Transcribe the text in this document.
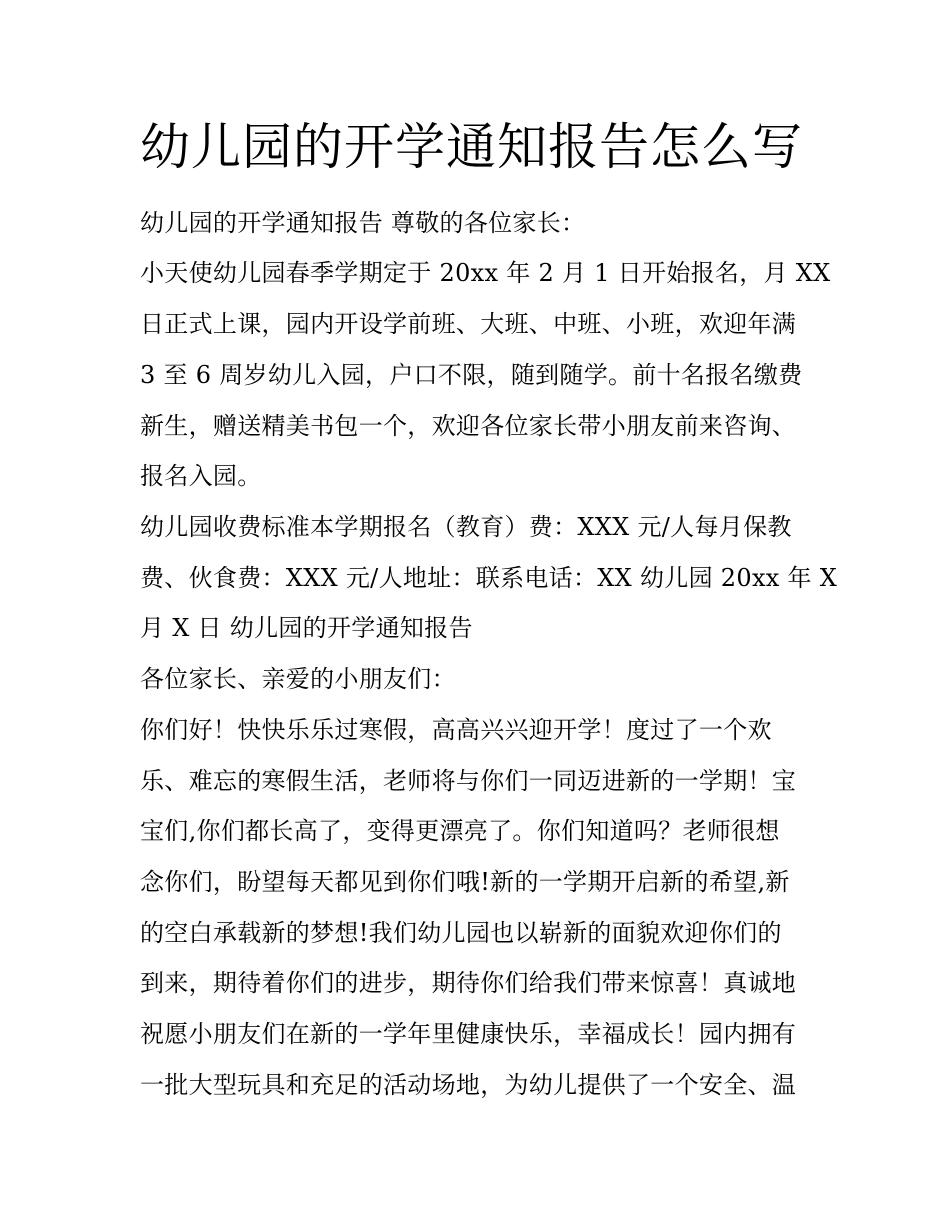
幼儿园的开学通知报告怎么写

幼儿园的开学通知报告 尊敬的各位家长：

小天使幼儿园春季学期定于 20xx 年 2 月 1 日开始报名，月 XX

日正式上课，园内开设学前班、大班、中班、小班，欢迎年满

3 至 6 周岁幼儿入园，户口不限，随到随学。前十名报名缴费

新生，赠送精美书包一个，欢迎各位家长带小朋友前来咨询、

报名入园。

幼儿园收费标准本学期报名（教育）费：XXX 元/人每月保教

费、伙食费：XXX 元/人地址：联系电话：XX 幼儿园 20xx 年 X

月 X 日 幼儿园的开学通知报告

各位家长、亲爱的小朋友们：

你们好！快快乐乐过寒假，高高兴兴迎开学！度过了一个欢

乐、难忘的寒假生活，老师将与你们一同迈进新的一学期！宝

宝们,你们都长高了，变得更漂亮了。你们知道吗？老师很想

念你们，盼望每天都见到你们哦!新的一学期开启新的希望,新

的空白承载新的梦想!我们幼儿园也以崭新的面貌欢迎你们的

到来，期待着你们的进步，期待你们给我们带来惊喜！真诚地

祝愿小朋友们在新的一学年里健康快乐，幸福成长！园内拥有

一批大型玩具和充足的活动场地，为幼儿提供了一个安全、温
